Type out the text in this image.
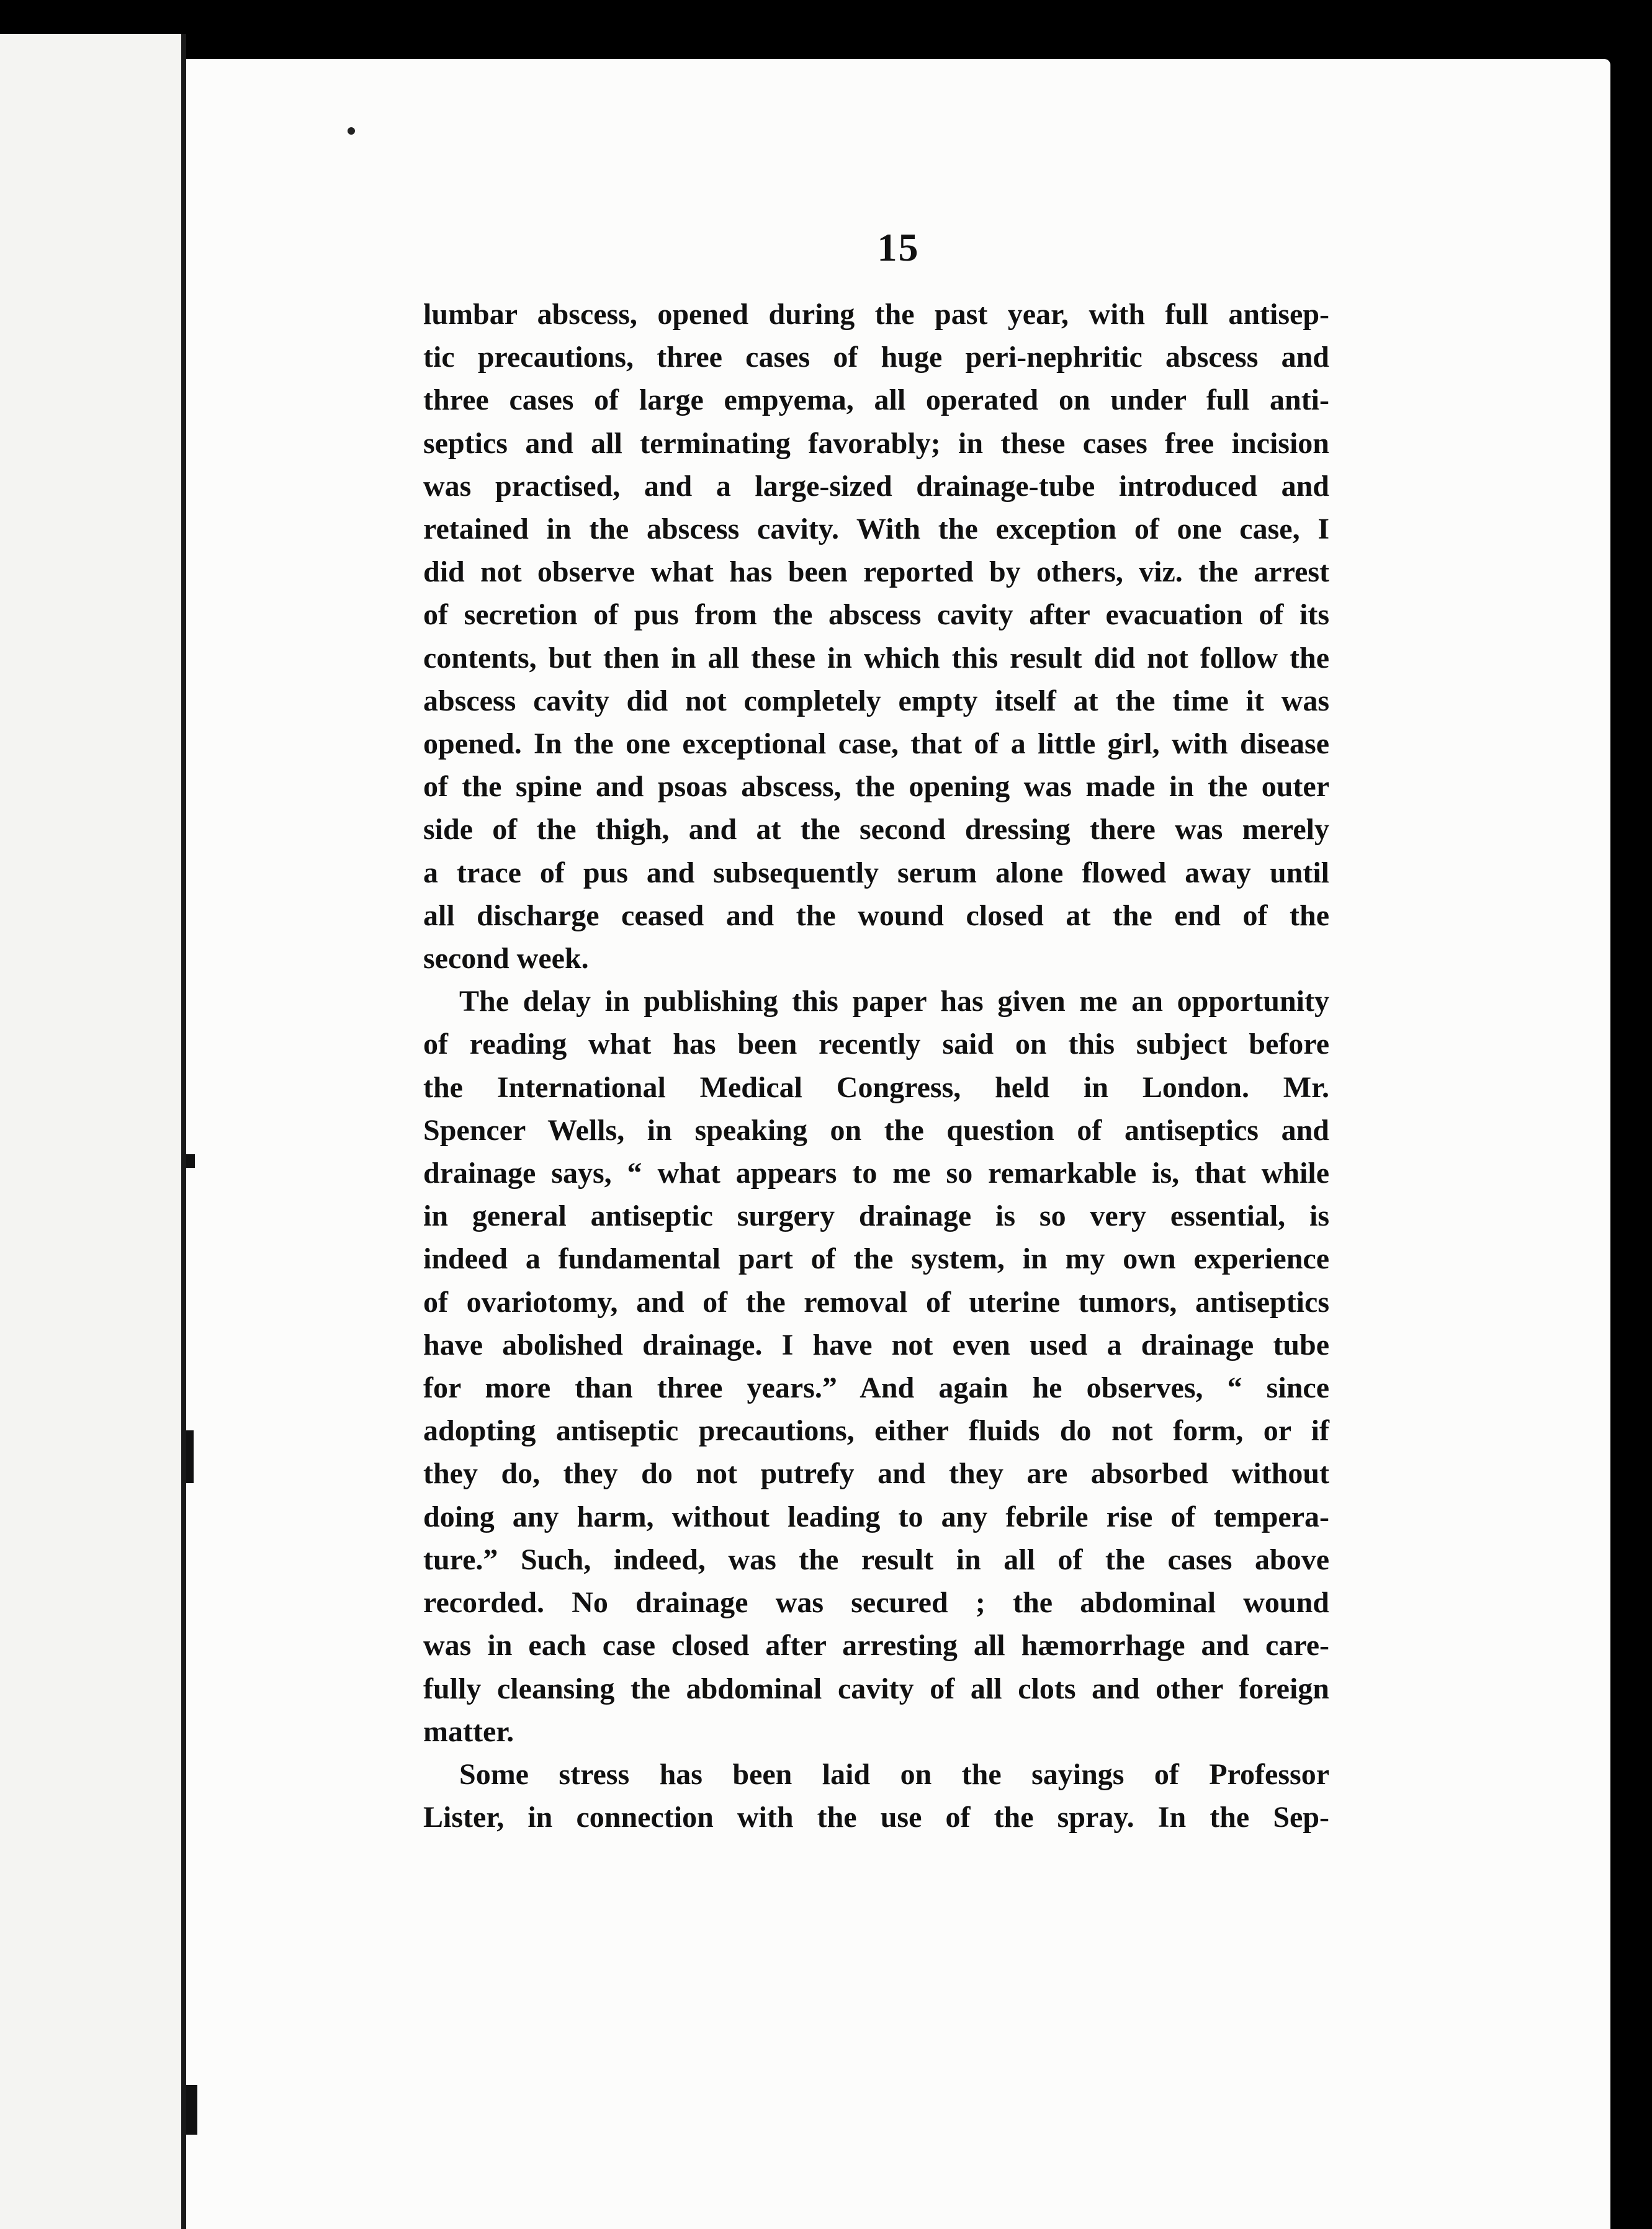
15
lumbar abscess, opened during the past year, with full antisep-
tic precautions, three cases of huge peri-nephritic abscess and
three cases of large empyema, all operated on under full anti-
septics and all terminating favorably; in these cases free incision
was practised, and a large-sized drainage-tube introduced and
retained in the abscess cavity. With the exception of one case, I
did not observe what has been reported by others, viz. the arrest
of secretion of pus from the abscess cavity after evacuation of its
contents, but then in all these in which this result did not follow the
abscess cavity did not completely empty itself at the time it was
opened. In the one exceptional case, that of a little girl, with disease
of the spine and psoas abscess, the opening was made in the outer
side of the thigh, and at the second dressing there was merely
a trace of pus and subsequently serum alone flowed away until
all discharge ceased and the wound closed at the end of the
second week.
The delay in publishing this paper has given me an opportunity
of reading what has been recently said on this subject before
the International Medical Congress, held in London. Mr.
Spencer Wells, in speaking on the question of antiseptics and
drainage says, “ what appears to me so remarkable is, that while
in general antiseptic surgery drainage is so very essential, is
indeed a fundamental part of the system, in my own experience
of ovariotomy, and of the removal of uterine tumors, antiseptics
have abolished drainage. I have not even used a drainage tube
for more than three years.” And again he observes, “ since
adopting antiseptic precautions, either fluids do not form, or if
they do, they do not putrefy and they are absorbed without
doing any harm, without leading to any febrile rise of tempera-
ture.” Such, indeed, was the result in all of the cases above
recorded. No drainage was secured ; the abdominal wound
was in each case closed after arresting all hæmorrhage and care-
fully cleansing the abdominal cavity of all clots and other foreign
matter.
Some stress has been laid on the sayings of Professor
Lister, in connection with the use of the spray. In the Sep-
